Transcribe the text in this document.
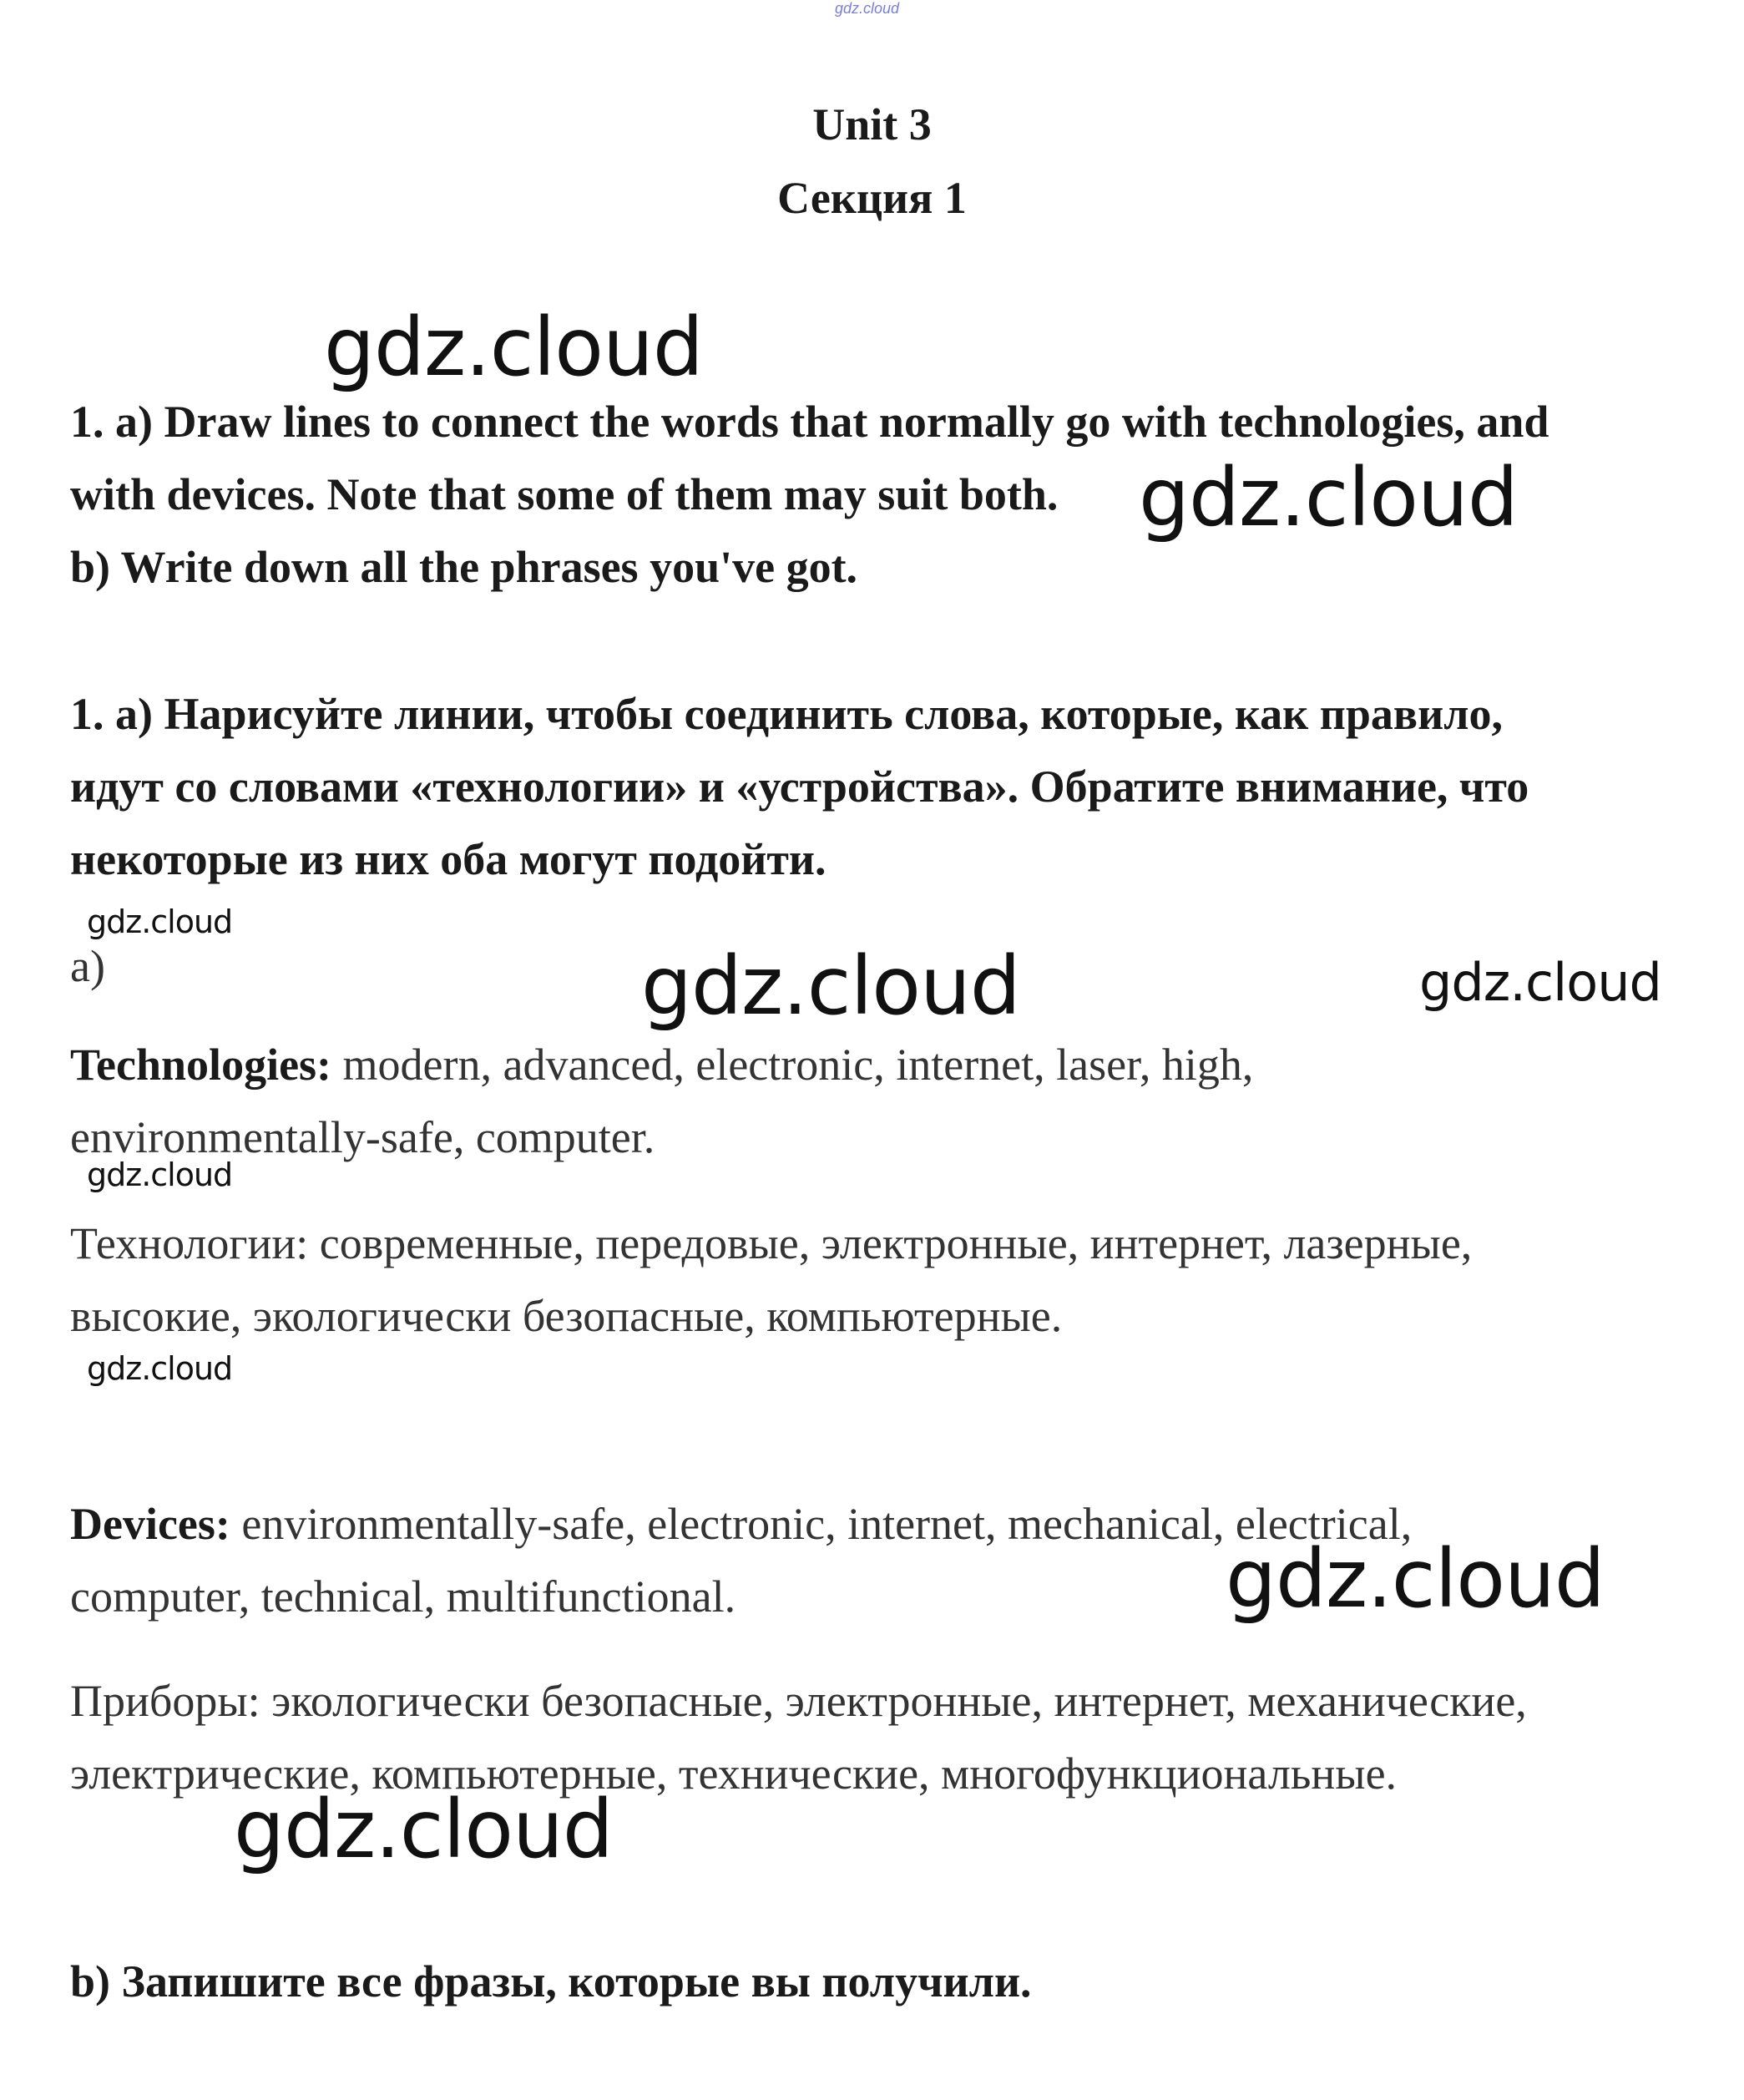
gdz.cloud
Unit 3
Секция 1
1. a) Draw lines to connect the words that normally go with technologies, and
with devices. Note that some of them may suit both.
b) Write down all the phrases you've got.
1. а) Нарисуйте линии, чтобы соединить слова, которые, как правило,
идут со словами «технологии» и «устройства». Обратите внимание, что
некоторые из них оба могут подойти.
а)
Technologies: modern, advanced, electronic, internet, laser, high,
environmentally-safe, computer.
Технологии: современные, передовые, электронные, интернет, лазерные,
высокие, экологически безопасные, компьютерные.
Devices: environmentally-safe, electronic, internet, mechanical, electrical,
computer, technical, multifunctional.
Приборы: экологически безопасные, электронные, интернет, механические,
электрические, компьютерные, технические, многофункциональные.
b) Запишите все фразы, которые вы получили.
gdz.cloud
gdz.cloud
gdz.cloud
gdz.cloud	gdz.cloud
gdz.cloud
gdz.cloud
gdz.cloud
gdz.cloud
